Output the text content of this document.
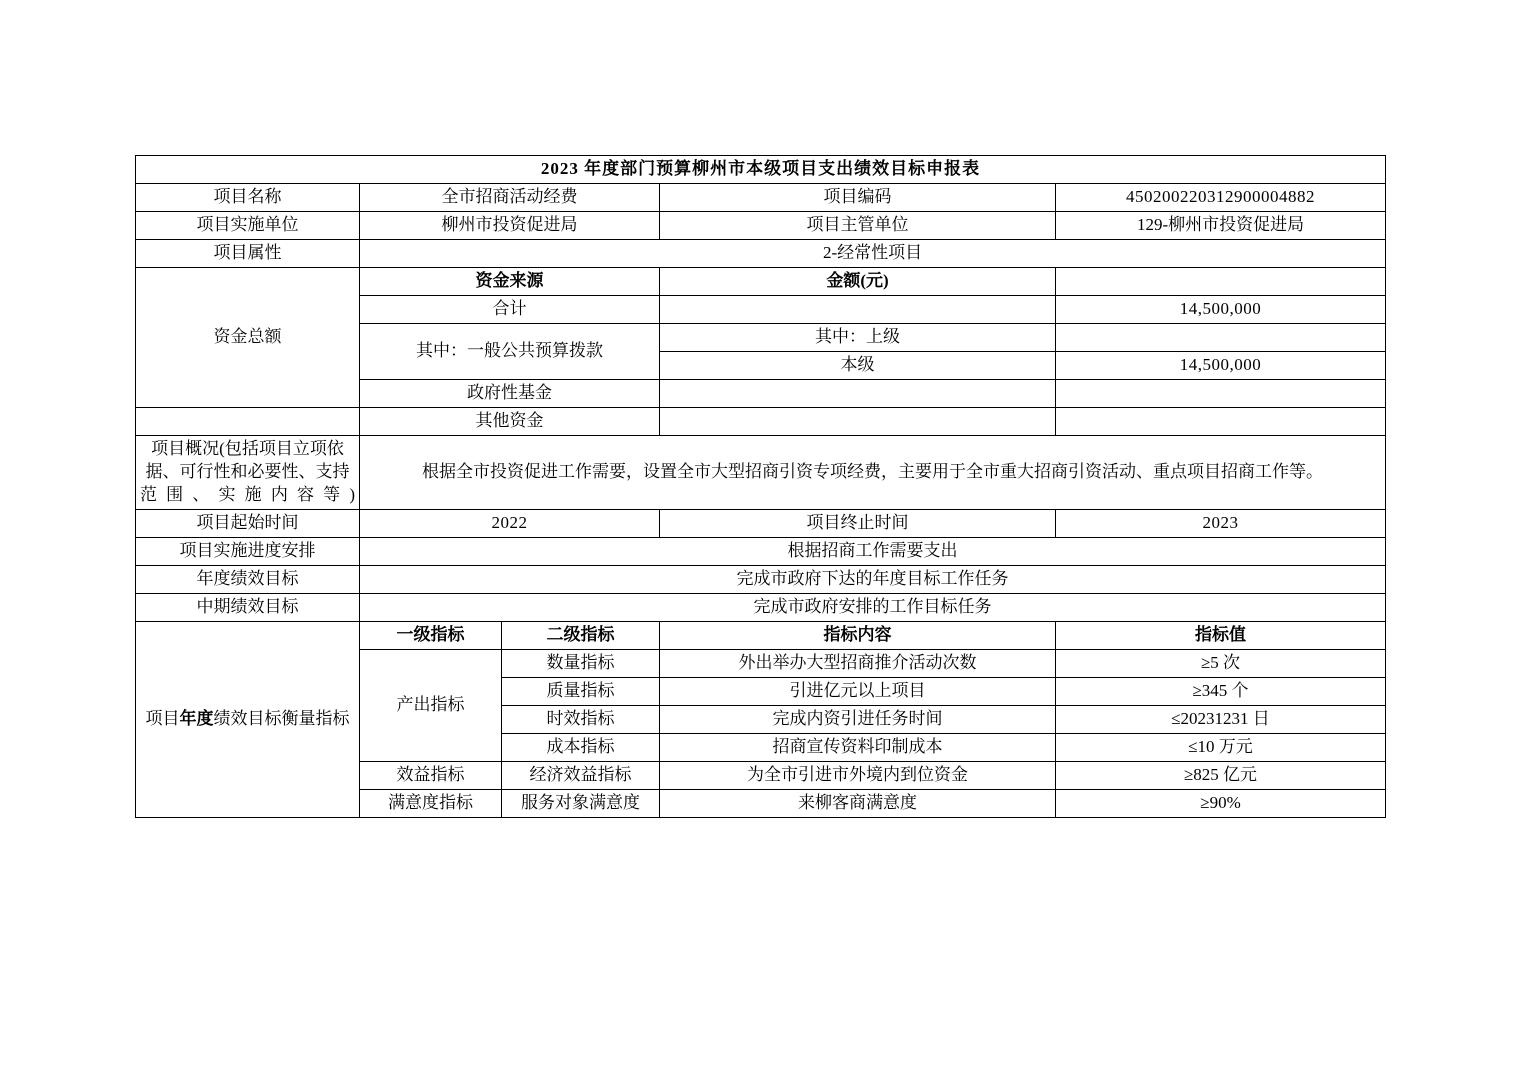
2023 年度部门预算柳州市本级项目支出绩效目标申报表				
项目名称	全市招商活动经费		项目编码	450200220312900004882
项目实施单位	柳州市投资促进局		项目主管单位	129-柳州市投资促进局
项目属性	2-经常性项目			
资金总额	资金来源		金额(元)	
	合计			14,500,000
	其中：一般公共预算拨款		其中：上级	
			本级	14,500,000
	政府性基金			
	其他资金			
项目概况(包括项目立项依据、可行性和必要性、支持范围、实施内容等)	根据全市投资促进工作需要，设置全市大型招商引资专项经费，主要用于全市重大招商引资活动、重点项目招商工作等。			
项目起始时间	2022		项目终止时间	2023
项目实施进度安排	根据招商工作需要支出			
年度绩效目标	完成市政府下达的年度目标工作任务			
中期绩效目标	完成市政府安排的工作目标任务			
项目年度绩效目标衡量指标	一级指标	二级指标	指标内容	指标值
	产出指标	数量指标	外出举办大型招商推介活动次数	≥5 次
		质量指标	引进亿元以上项目	≥345 个
		时效指标	完成内资引进任务时间	≤20231231 日
		成本指标	招商宣传资料印制成本	≤10 万元
	效益指标	经济效益指标	为全市引进市外境内到位资金	≥825 亿元
	满意度指标	服务对象满意度	来柳客商满意度	≥90%
